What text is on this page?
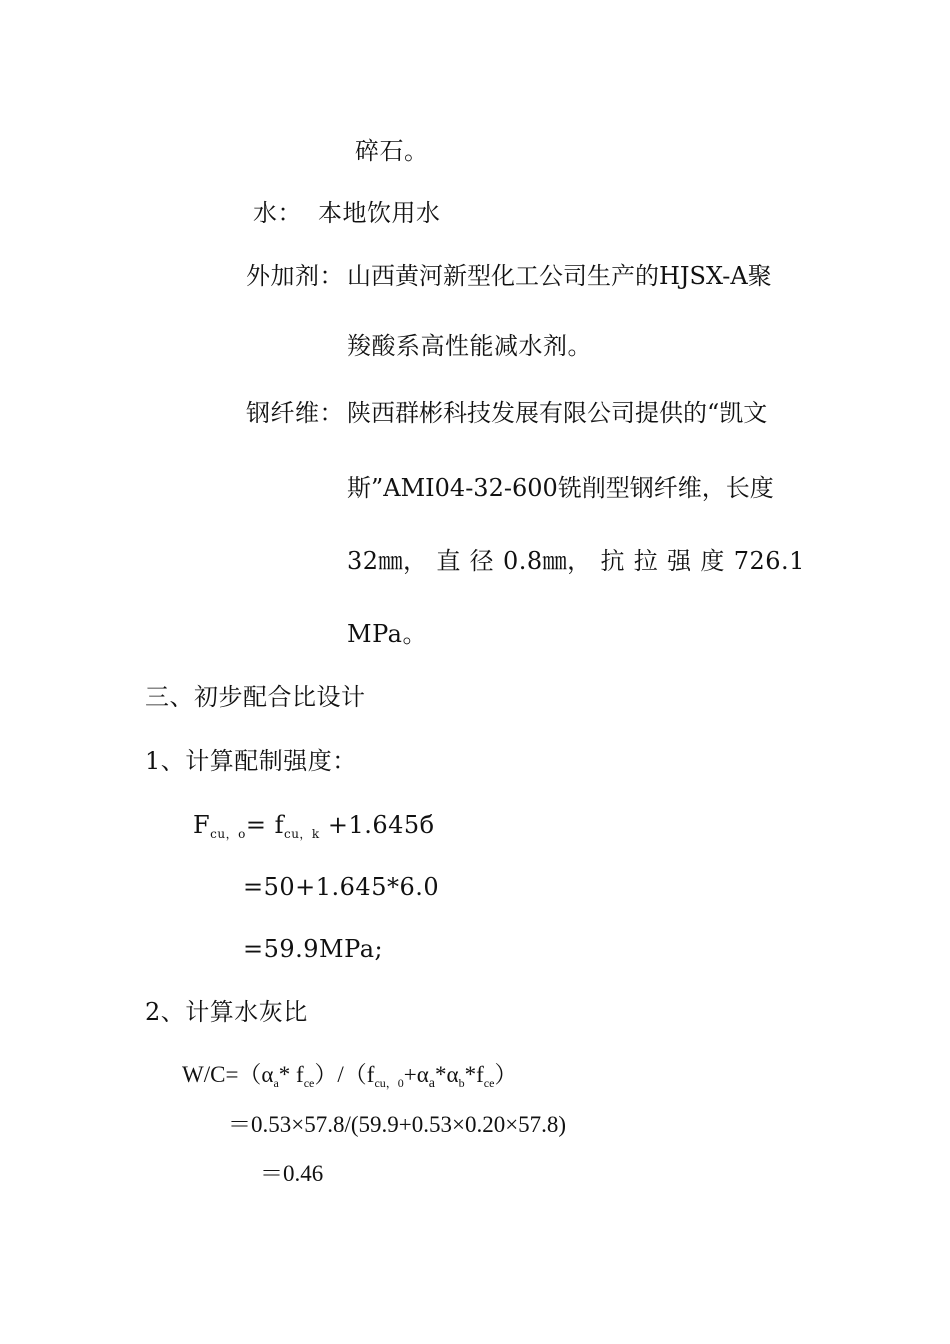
碎石。
水： 本地饮用水
外加剂： 山西黄河新型化工公司生产的HJSX-A聚
羧酸系高性能减水剂。
钢纤维： 陕西群彬科技发展有限公司提供的“凯文
斯”AMI04-32-600铣削型钢纤维，长度
32㎜， 直 径 0.8㎜， 抗 拉 强 度 726.1
MPa。
三、初步配合比设计
1、计算配制强度：
$F_{cu,o}= f_{cu,k} +1.645б$
=50+1.645*6.0
=59.9MPa;
2、计算水灰比
$W/C=(\alpha_a*$ $f_{ce})/(f_{cu,0}+\alpha_a*\alpha_b*f_{ce})$
＝0.53×57.8/(59.9+0.53×0.20×57.8)
＝0.46
